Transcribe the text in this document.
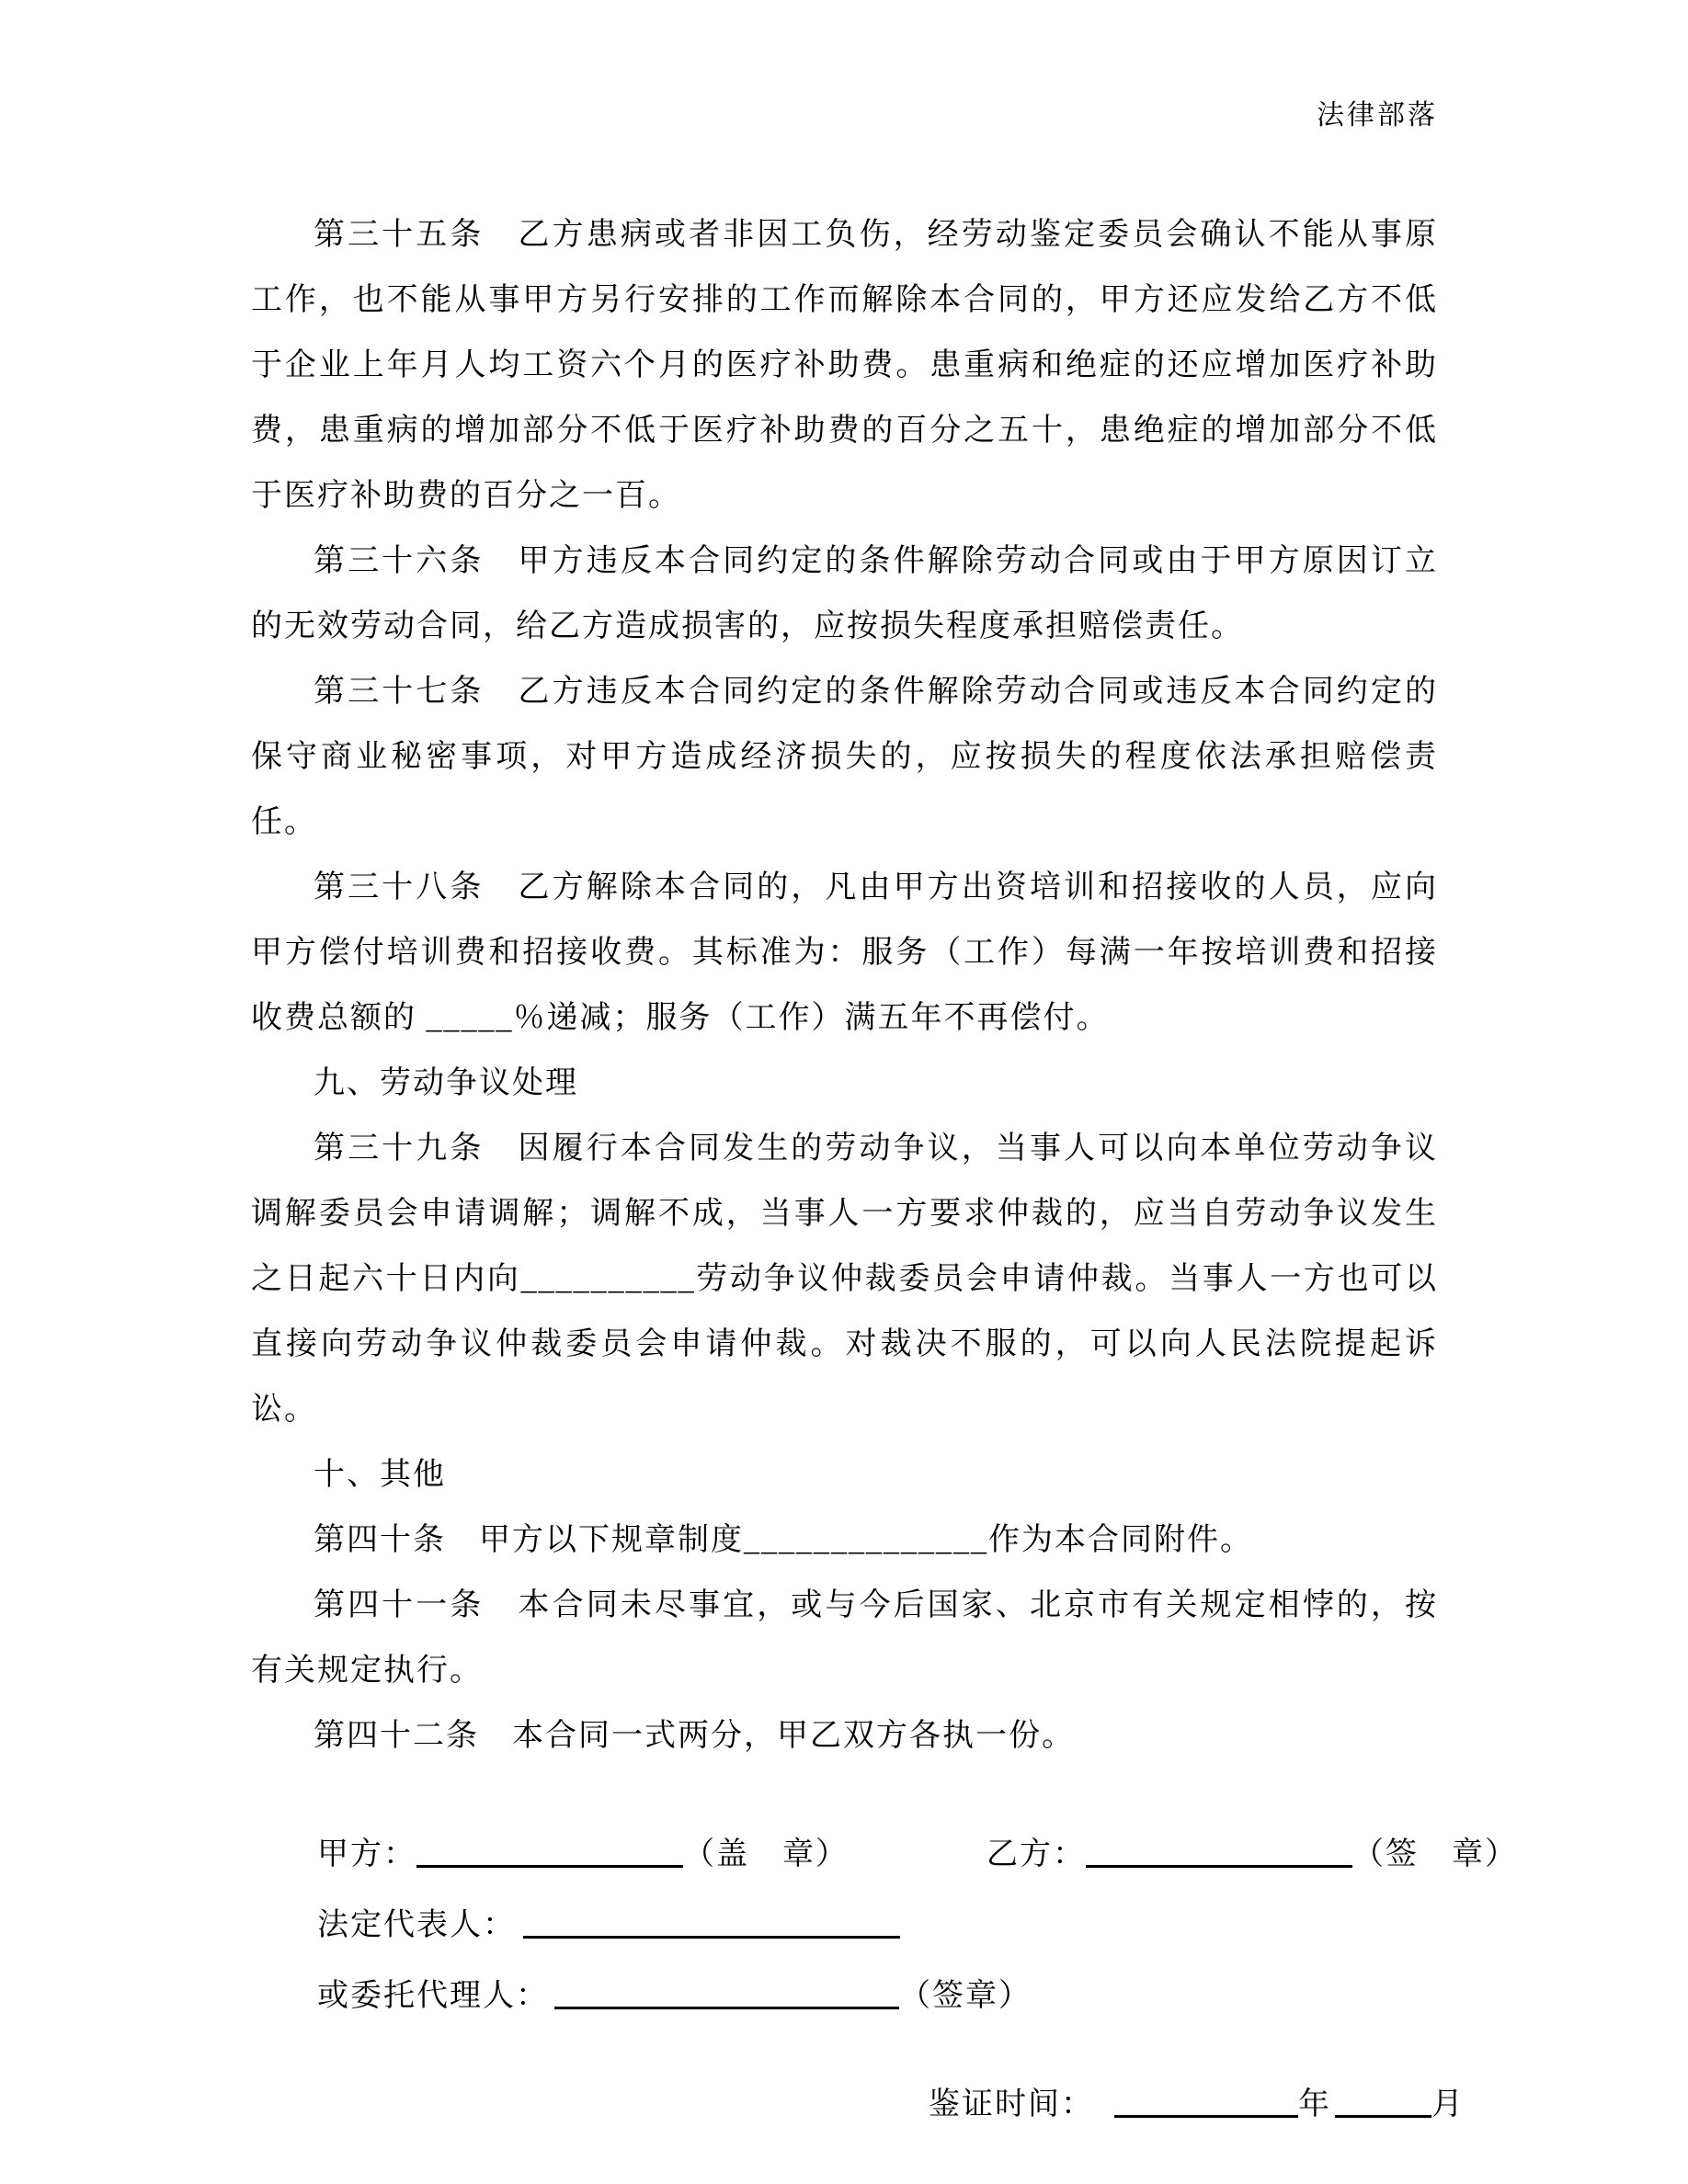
法律部落

第三十五条　乙方患病或者非因工负伤，经劳动鉴定委员会确认不能从事原工作，也不能从事甲方另行安排的工作而解除本合同的，甲方还应发给乙方不低于企业上年月人均工资六个月的医疗补助费。患重病和绝症的还应增加医疗补助费，患重病的增加部分不低于医疗补助费的百分之五十，患绝症的增加部分不低于医疗补助费的百分之一百。

第三十六条　甲方违反本合同约定的条件解除劳动合同或由于甲方原因订立的无效劳动合同，给乙方造成损害的，应按损失程度承担赔偿责任。

第三十七条　乙方违反本合同约定的条件解除劳动合同或违反本合同约定的保守商业秘密事项，对甲方造成经济损失的，应按损失的程度依法承担赔偿责任。

第三十八条　乙方解除本合同的，凡由甲方出资培训和招接收的人员，应向甲方偿付培训费和招接收费。其标准为：服务（工作）每满一年按培训费和招接收费总额的 _____％递减；服务（工作）满五年不再偿付。

九、劳动争议处理

第三十九条　因履行本合同发生的劳动争议，当事人可以向本单位劳动争议调解委员会申请调解；调解不成，当事人一方要求仲裁的，应当自劳动争议发生之日起六十日内向__________劳动争议仲裁委员会申请仲裁。当事人一方也可以直接向劳动争议仲裁委员会申请仲裁。对裁决不服的，可以向人民法院提起诉讼。

十、其他

第四十条　甲方以下规章制度______________作为本合同附件。

第四十一条　本合同未尽事宜，或与今后国家、北京市有关规定相悖的，按有关规定执行。

第四十二条　本合同一式两分，甲乙双方各执一份。

甲方：	（盖　章）	乙方：	（签　章）
法定代表人：
或委托代理人：	（签章）
鉴证时间：	年	月
